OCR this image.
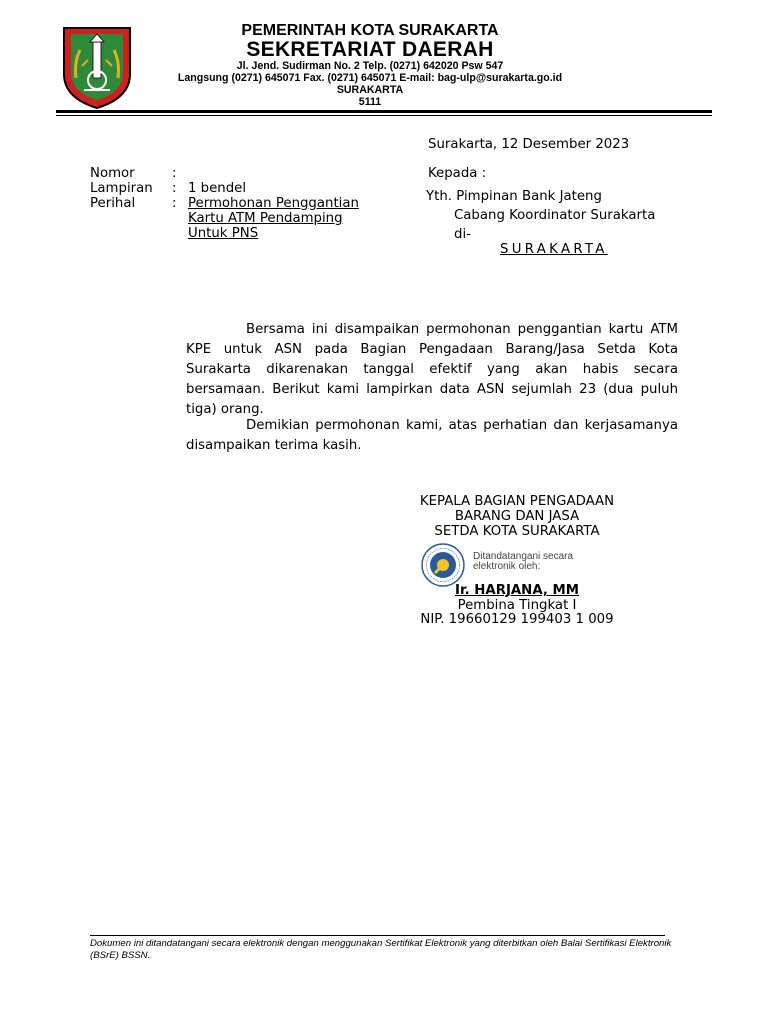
PEMERINTAH KOTA SURAKARTA
SEKRETARIAT DAERAH
Jl. Jend. Sudirman No. 2 Telp. (0271) 642020 Psw 547
Langsung (0271) 645071 Fax. (0271) 645071 E-mail: bag-ulp@surakarta.go.id
SURAKARTA
5111
Surakarta, 12 Desember 2023
Nomor	:
Lampiran : 1 bendel
Perihal	: Permohonan Penggantian
Kartu ATM Pendamping
Untuk PNS
Kepada :
Yth. Pimpinan Bank Jateng
Cabang Koordinator Surakarta
di-
SURAKARTA
Bersama ini disampaikan permohonan penggantian kartu ATM KPE untuk ASN pada Bagian Pengadaan Barang/Jasa Setda Kota Surakarta dikarenakan tanggal efektif yang akan habis secara bersamaan. Berikut kami lampirkan data ASN sejumlah 23 (dua puluh tiga) orang.
Demikian permohonan kami, atas perhatian dan kerjasamanya disampaikan terima kasih.
KEPALA BAGIAN PENGADAAN
BARANG DAN JASA
SETDA KOTA SURAKARTA
Ditandatangani secara
elektronik oleh:
Ir. HARJANA, MM
Pembina Tingkat I
NIP. 19660129 199403 1 009
Dokumen ini ditandatangani secara elektronik dengan menggunakan Sertifikat Elektronik yang diterbitkan oleh Balai Sertifikasi Elektronik (BSrE) BSSN.
